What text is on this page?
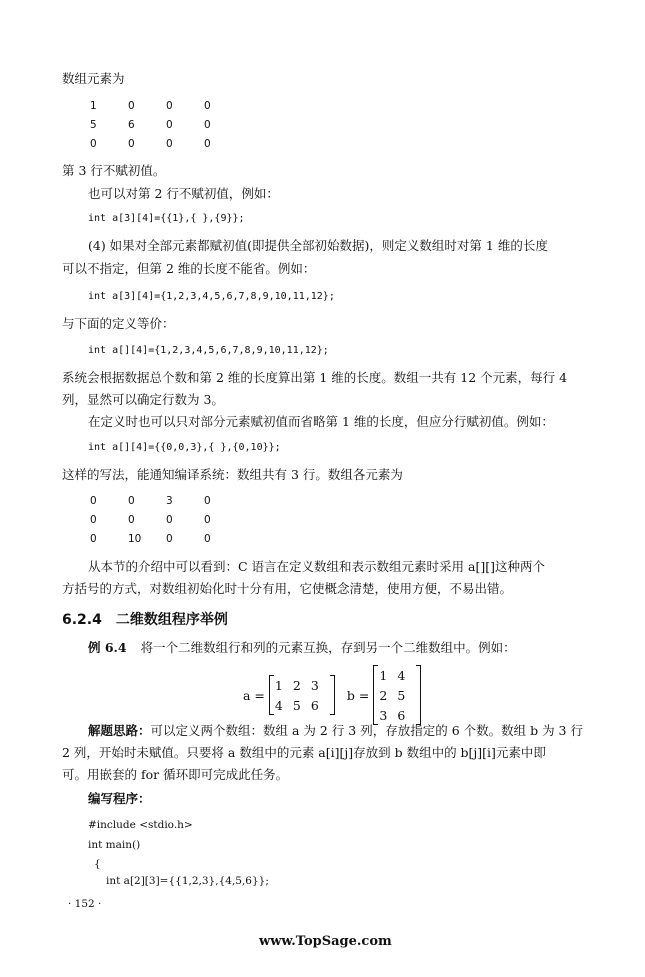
数组元素为
1	0	0	0
5	6	0	0
0	0	0	0
第 3 行不赋初值。
也可以对第 2 行不赋初值，例如：
int a[3][4]={{1},{ },{9}};
(4) 如果对全部元素都赋初值(即提供全部初始数据)，则定义数组时对第 1 维的长度
可以不指定，但第 2 维的长度不能省。例如：
int a[3][4]={1,2,3,4,5,6,7,8,9,10,11,12};
与下面的定义等价：
int a[][4]={1,2,3,4,5,6,7,8,9,10,11,12};
系统会根据数据总个数和第 2 维的长度算出第 1 维的长度。数组一共有 12 个元素，每行 4
列，显然可以确定行数为 3。
在定义时也可以只对部分元素赋初值而省略第 1 维的长度，但应分行赋初值。例如：
int a[][4]={{0,0,3},{ },{0,10}};
这样的写法，能通知编译系统：数组共有 3 行。数组各元素为
0	0	3	0
0	0	0	0
0	10	0	0
从本节的介绍中可以看到：C 语言在定义数组和表示数组元素时采用 a[][]这种两个
方括号的方式，对数组初始化时十分有用，它使概念清楚，使用方便，不易出错。
6.2.4　二维数组程序举例
例 6.4 将一个二维数组行和列的元素互换，存到另一个二维数组中。例如：
a =
1 2 3
4 5 6
b =
1 4
2 5
3 6
解题思路：可以定义两个数组：数组 a 为 2 行 3 列，存放指定的 6 个数。数组 b 为 3 行
2 列，开始时未赋值。只要将 a 数组中的元素 a[i][j]存放到 b 数组中的 b[j][i]元素中即
可。用嵌套的 for 循环即可完成此任务。
编写程序：
#include <stdio.h>
int main()
{
int a[2][3]={{1,2,3},{4,5,6}};
· 152 ·
www.TopSage.com
